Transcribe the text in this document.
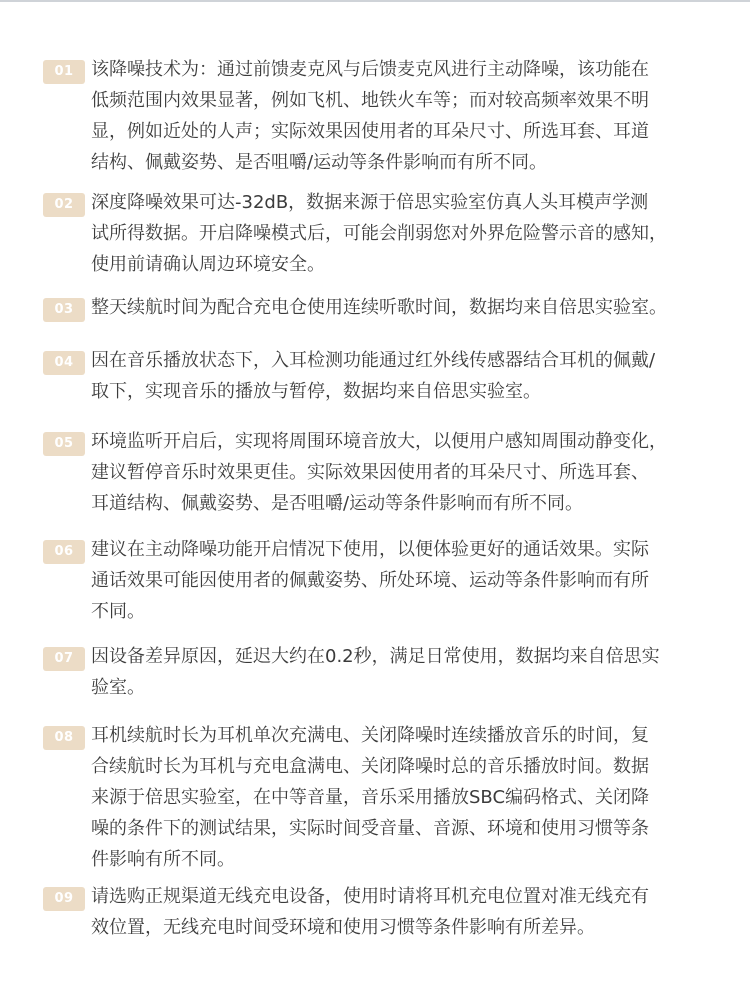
01 该降噪技术为：通过前馈麦克风与后馈麦克风进行主动降噪，该功能在
低频范围内效果显著，例如飞机、地铁火车等；而对较高频率效果不明
显，例如近处的人声；实际效果因使用者的耳朵尺寸、所选耳套、耳道
结构、佩戴姿势、是否咀嚼/运动等条件影响而有所不同。
02 深度降噪效果可达-32dB，数据来源于倍思实验室仿真人头耳模声学测
试所得数据。开启降噪模式后，可能会削弱您对外界危险警示音的感知，
使用前请确认周边环境安全。
03 整天续航时间为配合充电仓使用连续听歌时间，数据均来自倍思实验室。
04 因在音乐播放状态下，入耳检测功能通过红外线传感器结合耳机的佩戴/
取下，实现音乐的播放与暂停，数据均来自倍思实验室。
05 环境监听开启后，实现将周围环境音放大，以便用户感知周围动静变化，
建议暂停音乐时效果更佳。实际效果因使用者的耳朵尺寸、所选耳套、
耳道结构、佩戴姿势、是否咀嚼/运动等条件影响而有所不同。
06 建议在主动降噪功能开启情况下使用，以便体验更好的通话效果。实际
通话效果可能因使用者的佩戴姿势、所处环境、运动等条件影响而有所
不同。
07 因设备差异原因，延迟大约在0.2秒，满足日常使用，数据均来自倍思实
验室。
08 耳机续航时长为耳机单次充满电、关闭降噪时连续播放音乐的时间，复
合续航时长为耳机与充电盒满电、关闭降噪时总的音乐播放时间。数据
来源于倍思实验室，在中等音量，音乐采用播放SBC编码格式、关闭降
噪的条件下的测试结果，实际时间受音量、音源、环境和使用习惯等条
件影响有所不同。
09 请选购正规渠道无线充电设备，使用时请将耳机充电位置对准无线充有
效位置，无线充电时间受环境和使用习惯等条件影响有所差异。
